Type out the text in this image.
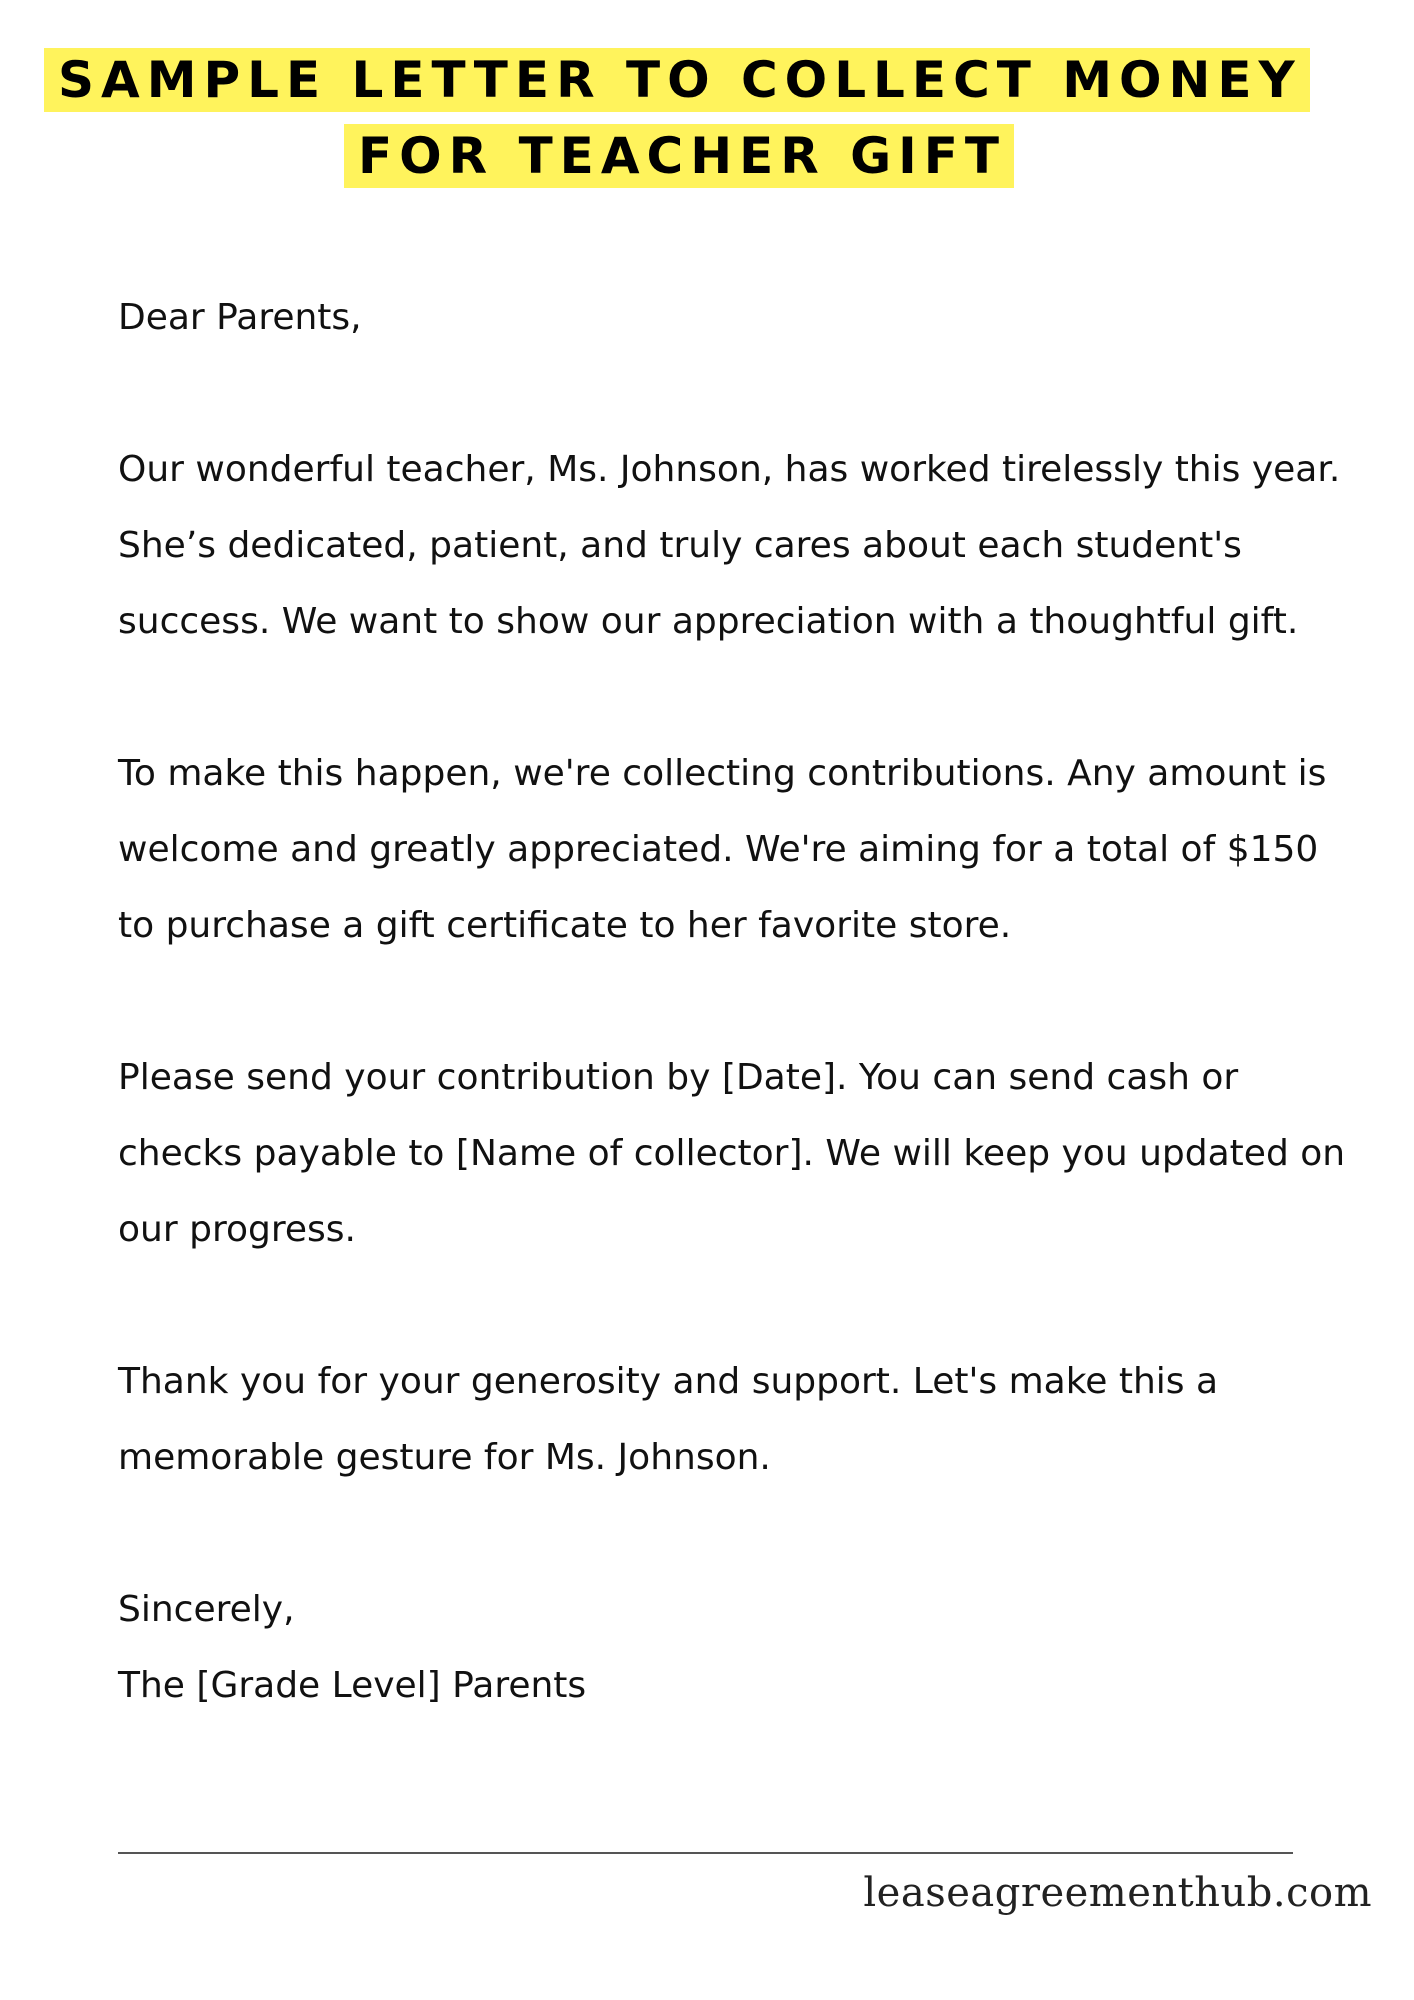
SAMPLE LETTER TO COLLECT MONEY
FOR TEACHER GIFT

Dear Parents,

Our wonderful teacher, Ms. Johnson, has worked tirelessly this year. She’s dedicated, patient, and truly cares about each student's success. We want to show our appreciation with a thoughtful gift.

To make this happen, we're collecting contributions. Any amount is welcome and greatly appreciated. We're aiming for a total of $150 to purchase a gift certificate to her favorite store.

Please send your contribution by [Date]. You can send cash or checks payable to [Name of collector]. We will keep you updated on our progress.

Thank you for your generosity and support. Let's make this a memorable gesture for Ms. Johnson.

Sincerely,

The [Grade Level] Parents

leaseagreementhub.com
